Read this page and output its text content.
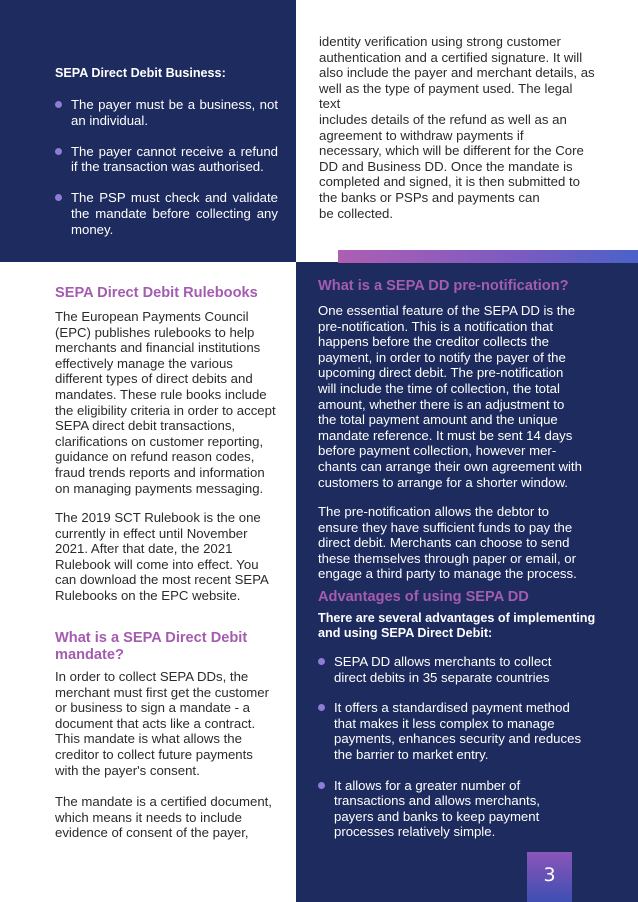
SEPA Direct Debit Business:
The payer must be a business, not an individual.
The payer cannot receive a refund if the transaction was authorised.
The PSP must check and validate the mandate before collecting any money.
identity verification using strong customer
authentication and a certified signature. It will
also include the payer and merchant details, as
well as the type of payment used. The legal text
includes details of the refund as well as an
agreement to withdraw payments if
necessary, which will be different for the Core
DD and Business DD. Once the mandate is
completed and signed, it is then submitted to
the banks or PSPs and payments can
be collected.
SEPA Direct Debit Rulebooks
The European Payments Council
(EPC) publishes rulebooks to help
merchants and financial institutions
effectively manage the various
different types of direct debits and
mandates. These rule books include
the eligibility criteria in order to accept
SEPA direct debit transactions,
clarifications on customer reporting,
guidance on refund reason codes,
fraud trends reports and information
on managing payments messaging.
The 2019 SCT Rulebook is the one
currently in effect until November
2021. After that date, the 2021
Rulebook will come into effect. You
can download the most recent SEPA
Rulebooks on the EPC website.
What is a SEPA Direct Debit mandate?
In order to collect SEPA DDs, the
merchant must first get the customer
or business to sign a mandate - a
document that acts like a contract.
This mandate is what allows the
creditor to collect future payments
with the payer's consent.
The mandate is a certified document,
which means it needs to include
evidence of consent of the payer,
What is a SEPA DD pre-notification?
One essential feature of the SEPA DD is the
pre-notification. This is a notification that
happens before the creditor collects the
payment, in order to notify the payer of the
upcoming direct debit. The pre-notification
will include the time of collection, the total
amount, whether there is an adjustment to
the total payment amount and the unique
mandate reference. It must be sent 14 days
before payment collection, however mer-
chants can arrange their own agreement with
customers to arrange for a shorter window.
The pre-notification allows the debtor to
ensure they have sufficient funds to pay the
direct debit. Merchants can choose to send
these themselves through paper or email, or
engage a third party to manage the process.
Advantages of using SEPA DD
There are several advantages of implementing and using SEPA Direct Debit:
SEPA DD allows merchants to collect
direct debits in 35 separate countries
It offers a standardised payment method
that makes it less complex to manage
payments, enhances security and reduces
the barrier to market entry.
It allows for a greater number of
transactions and allows merchants,
payers and banks to keep payment
processes relatively simple.
3
